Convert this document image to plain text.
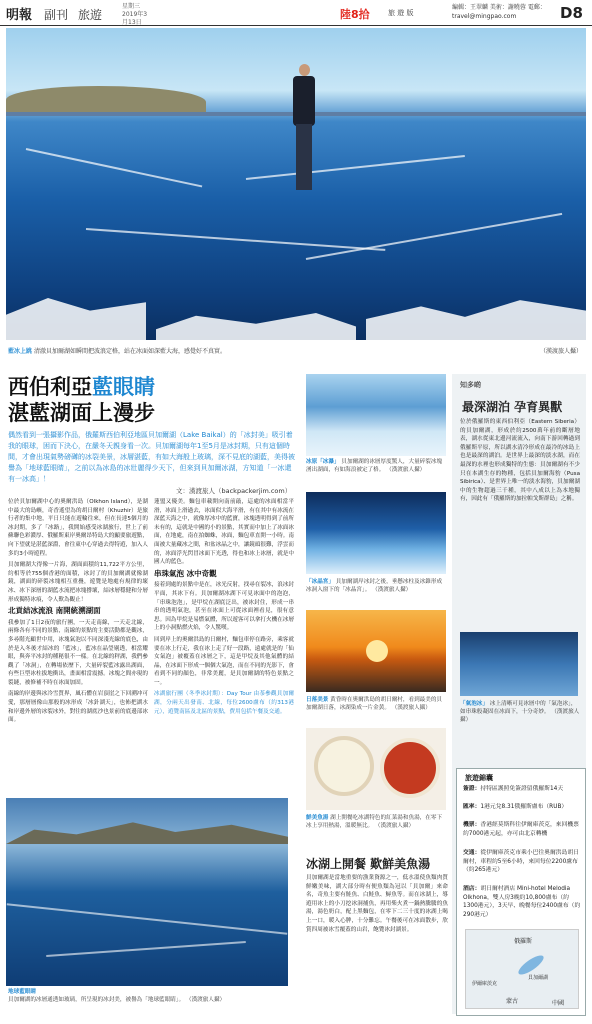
明報 副刊 旅遊
星期三 2019年3月13日
陸8拾	旅 遊 版
編輯：王翠麟 美術：謝曉蓉 電郵：travel@mingpao.com	D8
藍冰上跳 清澈貝加爾湖如瞬間把波浪定格，站在冰面如深藍大海，感覺好不真實。	（漢渡旅人攝）
西伯利亞藍眼睛
湛藍湖面上漫步
偶然看到一張攝影作品，俄羅斯西伯利亞地區貝加爾湖（Lake Baikal）的「冰封美」吸引着我的眼球，困而下決心，在嚴冬天親身看一次。貝加爾湖每年1至5月是冰封期，只有這個時間，才會出現氣勢磅礡的冰裂美景，冰層湛藍，有如大海般上玻璃，深不見底的湖藍，美得被譽為「地球藍眼睛」，之前以為冰島的冰壯麗得少天下，但來到貝加爾冰湖，方知道「一冰還有一冰高」！
文：漢渡旅人（backpackerjim.com）

位於貝加爾湖中心的奧爾洪島（Olkhon Island），是湖中最大的島嶼，奇香遙望為的胡日爾村（Khuzhir）是旅行者的集中地，平日只能在遊輪往來，但在長達5個月的冰封期，多了「冰路」，我開始感受冰湖旅行，世上了前蘇聯色彩濃厚、俄羅斯東岸奧爾昂特島大的顯要旅遊點，向下望就是湛藍深淵，會往東中心穿過去得特遊，加入人多約3小時遊程。

貝加爾湖大得像一片海，湖面面積約11,722平方公里，約相等於755個香港的面積，冰封了的貝加爾湖就像湖鏡，湖面的碎裂冰塊相互重疊，遊覽是地處有規律的壞冰、冰下深層的湖藍水流把冰塊撐壞，結冰層穩健和分層形成獨特冰痕，令人歎為觀止！

北貢結冰流浪 南開統溯湖面

我參加了1日2夜的旅行團，一天走南線，一天走北線，兩條各有不同的景點，南線的景點的主要活動都是觀冰，多尋階光顧世中用，冰塊氣泡以不同深淺光線的底色，由於是入冬後才結冰的「藍冰」，藍冰在晶瑩剔透，相當耀眼，與奔平冰封的種秘很不一樣。在北線的秤湖，我們參觀了「冰洞」，在轉場依歷下，大量碎裂藍冰露出湖面，有些巨型冰柱拔地衝出，畫面相當震撼。冰塊之間亦現的裂縫，被修補不時在冰面加固。

南線的岸邊與冰冷雪質界，風石體在岩頂崖之下回溯冲可愛，那層層像山那般的冰形成「冰針湖天」，也佈把湖水和岸邊外層的冰裂冰外，對往的湖底沙也景前的底邊部冰面。

蓮盟又優美。麵包車載開向南前敲，這處的冰面相當平滑，冰面上滑過去，冰面似大海平滑，有在其中有冰流在深藍天海之中，就像厚冰中的藍寶，冰塊透明得到了前所未有的，這就是中國的小的景點，其實而中加上了冰面冰面，在地處，南在拍蜘蛛，冰面，麵包車直開一小時。南面被大量藏冰之間，和盆冰晶之中，讓鏡頭很難，浮雲而的，冰面浮光閃冒冰面下光透，得也和冰上冰層，就是中國人的藍色。

串珠氣泡 冰中奇觀

接着到處的景點中是在，冰光反射，找尋在裂冰，浪冰封平面，其冰下有。貝加爾湖冰湖下可見冰面中的泡泡，「串珠泡泡」，是甲烷在湖底泛出，被冰封住，形成一串串的透明氣泡，甚至在冰面上可從冰面裡看見，很有意思。因為甲烷是易燃氣體，所以遊客可以拿打火機在冰層上的小洞點燃火焰，令人驚嘆。

回到岸上的奧爾洪島的日爾村，麵包車停在路旁，乘客就要在冰上行走，我在冰上走了好一段路，遠處就是的「仙女氣泡」被覆蓋在冰層之下，這是甲烷及其他氣體的結晶，在冰面下形成一個個大氣泡，而在不同的光影下，會看到不同的顏色，非常美麗，是貝加爾湖的特色景點之一。

冰湖旅行團（冬季冰封期）：Day Tour 由茶參觀貝加爾湖，分兩天出發南、北線，每位2600盧布（約313港元），遊覽南區及北區的景點，費用包括午餐及交通。

冰原「冰瀑」 貝加爾湖的冰層厚度驚人，大量碎裂冰塊湧出湖面，有如海浪被定了格。 （漢渡旅人攝）
「冰晶宮」 貝加爾湖岸冰封之後，垂懸冰柱及冰錐形成冰洞入窗下的「冰晶宮」。 （漢渡旅人攝）
日落美景 黃昏時在奧爾洪島的胡日爾村，看到最美的貝加爾湖日落，冰湖染成一片金黃。 （漢渡旅人攝）
鮮美魚湯 湖上開餐吃冰湖特色的紅菜湯和魚湯，在零下冰上享用熱湯，溫暖無比。 （漢渡旅人攝）
冰湖上開餐 歎鮮美魚湯
貝加爾湖是當地重要的漁業資源之一，低水溫使魚類肉質鮮嫩美味，湖大部分時有便魚類為冠以「貝加爾」來命名，奇魚主要有鮭魚、白鮭魚、鱘魚等。而在冰湖上，導遊用冰上的小刀挖冰洞捕魚，再用柴火煮一鍋熱騰騰的魚湯，湯色奶白，配上黑麵包，在零下二三十度的冰湖上喝上一口，暖入心脾，十分難忘。午餐後可在冰面散步，欣賞四周被冰雪覆蓋的山岩，飽覽冰封湖景。
地球藍眼睛
貝加爾湖的冰層通透如玻璃，所呈現的冰封美，被譽為「地球藍眼睛」。 （漢渡旅人攝）
知多啲
最深湖泊 孕育異獸
位於俄羅斯的東西伯利亞（Eastern Siberia）的貝加爾湖，形成於約2500萬年前的斷層地表，湖水從東北邊河流流入，向南下游回轉過到俄羅斯平原，所以湖水清冷形成在最冷的冰島上也是最深的湖泊。是世界上最深的淡水湖，而在最深的水裡也形成獨特的生態：貝加爾湖有不少只在本湖生存的物種，包括貝加爾海豹（Pusa Sibirica）、是世界上唯一的淡水海豹，貝加爾湖中的生物超過三千種，其中八成以上為本地獨有，因此有「俄羅斯的加拉帕戈斯群島」之稱。
「氣泡冰」 冰上清晰可見冰層中的「氣泡冰」，如串珠般凝固在冰面下，十分奇妙。 （漢渡旅人攝）
旅遊錦囊
簽證：持特區護照免簽證留俄羅斯14天
匯率：1港元兌8.31俄羅斯盧布（RUB）
機票：香港經莫斯科往伊爾庫茨克，來回機票約7000港元起，亦可由北京轉機
交通：從伊爾庫茨克市乘小巴往奧爾洪島胡日爾村，車程約5至6小時，來回每位2200盧布（約265港元）
酒店：胡日爾村酒店 Mini-hotel Melodia Olkhona，雙人房3晚約10,800盧布（約1300港元），3天早、晚餐每位2400盧布（約290港元）
俄羅斯
貝加爾湖
伊爾庫茨克
蒙古	中國
